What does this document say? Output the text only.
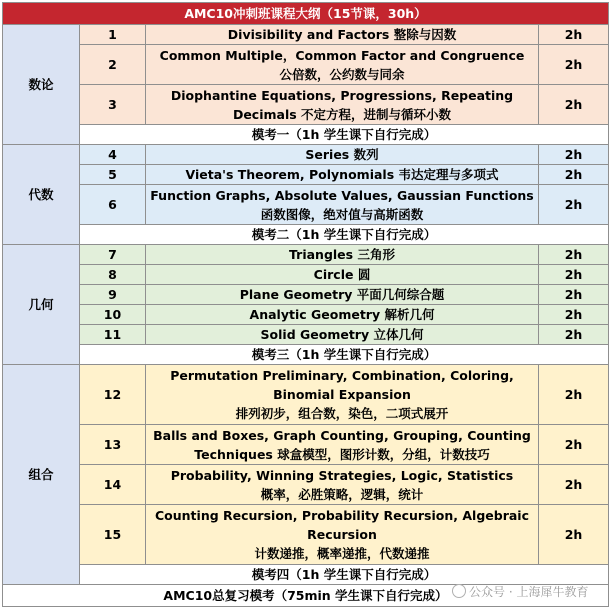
AMC10冲刺班课程大纲（15节课，30h）			
数论	1	Divisibility and Factors 整除与因数	2h
	2	Common Multiple，Common Factor and Congruence
公倍数，公约数与同余	2h
	3	Diophantine Equations, Progressions, Repeating
Decimals 不定方程，进制与循环小数	2h
	模考一（1h 学生课下自行完成）		
代数	4	Series 数列	2h
	5	Vieta's Theorem, Polynomials 韦达定理与多项式	2h
	6	Function Graphs, Absolute Values, Gaussian Functions
函数图像，绝对值与高斯函数	2h
	模考二（1h 学生课下自行完成）		
几何	7	Triangles 三角形	2h
	8	Circle 圆	2h
	9	Plane Geometry 平面几何综合题	2h
	10	Analytic Geometry 解析几何	2h
	11	Solid Geometry 立体几何	2h
	模考三（1h 学生课下自行完成）		
组合	12	Permutation Preliminary, Combination, Coloring,
Binomial Expansion
排列初步，组合数，染色，二项式展开	2h
	13	Balls and Boxes, Graph Counting, Grouping, Counting
Techniques 球盒模型，图形计数，分组，计数技巧	2h
	14	Probability, Winning Strategies, Logic, Statistics
概率，必胜策略，逻辑，统计	2h
	15	Counting Recursion, Probability Recursion, Algebraic
Recursion
计数递推，概率递推，代数递推	2h
	模考四（1h 学生课下自行完成）		
AMC10总复习模考（75min 学生课下自行完成）				公众号 · 上海犀牛教育
